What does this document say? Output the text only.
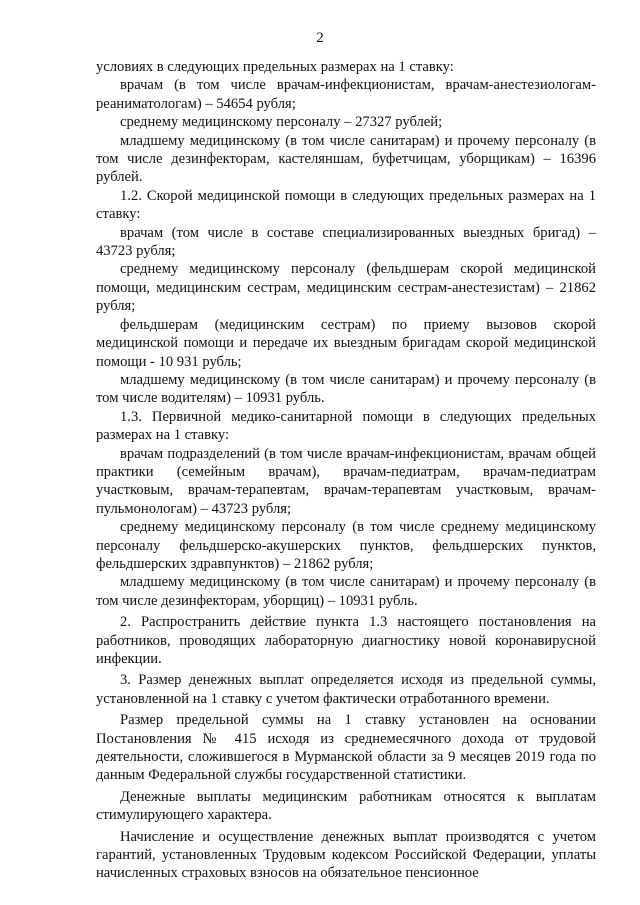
2

условиях в следующих предельных размерах на 1 ставку:

врачам (в том числе врачам-инфекционистам, врачам-анестезиологам-реаниматологам) – 54654 рубля;

среднему медицинскому персоналу – 27327 рублей;

младшему медицинскому (в том числе санитарам) и прочему персоналу (в том числе дезинфекторам, кастеляншам, буфетчицам, уборщикам) – 16396 рублей.

1.2. Скорой медицинской помощи в следующих предельных размерах на 1 ставку:

врачам (том числе в составе специализированных выездных бригад) – 43723 рубля;

среднему медицинскому персоналу (фельдшерам скорой медицинской помощи, медицинским сестрам, медицинским сестрам-анестезистам) – 21862 рубля;

фельдшерам (медицинским сестрам) по приему вызовов скорой медицинской помощи и передаче их выездным бригадам скорой медицинской помощи - 10 931 рубль;

младшему медицинскому (в том числе санитарам) и прочему персоналу (в том числе водителям) – 10931 рубль.

1.3. Первичной медико-санитарной помощи в следующих предельных размерах на 1 ставку:

врачам подразделений (в том числе врачам-инфекционистам, врачам общей практики (семейным врачам), врачам-педиатрам, врачам-педиатрам участковым, врачам-терапевтам, врачам-терапевтам участковым, врачам-пульмонологам) – 43723 рубля;

среднему медицинскому персоналу (в том числе среднему медицинскому персоналу фельдшерско-акушерских пунктов, фельдшерских пунктов, фельдшерских здравпунктов) – 21862 рубля;

младшему медицинскому (в том числе санитарам) и прочему персоналу (в том числе дезинфекторам, уборщиц) – 10931 рубль.

2. Распространить действие пункта 1.3 настоящего постановления на работников, проводящих лабораторную диагностику новой коронавирусной инфекции.

3. Размер денежных выплат определяется исходя из предельной суммы, установленной на 1 ставку с учетом фактически отработанного времени.

Размер предельной суммы на 1 ставку установлен на основании Постановления № 415 исходя из среднемесячного дохода от трудовой деятельности, сложившегося в Мурманской области за 9 месяцев 2019 года по данным Федеральной службы государственной статистики.

Денежные выплаты медицинским работникам относятся к выплатам стимулирующего характера.

Начисление и осуществление денежных выплат производятся с учетом гарантий, установленных Трудовым кодексом Российской Федерации, уплаты начисленных страховых взносов на обязательное пенсионное
